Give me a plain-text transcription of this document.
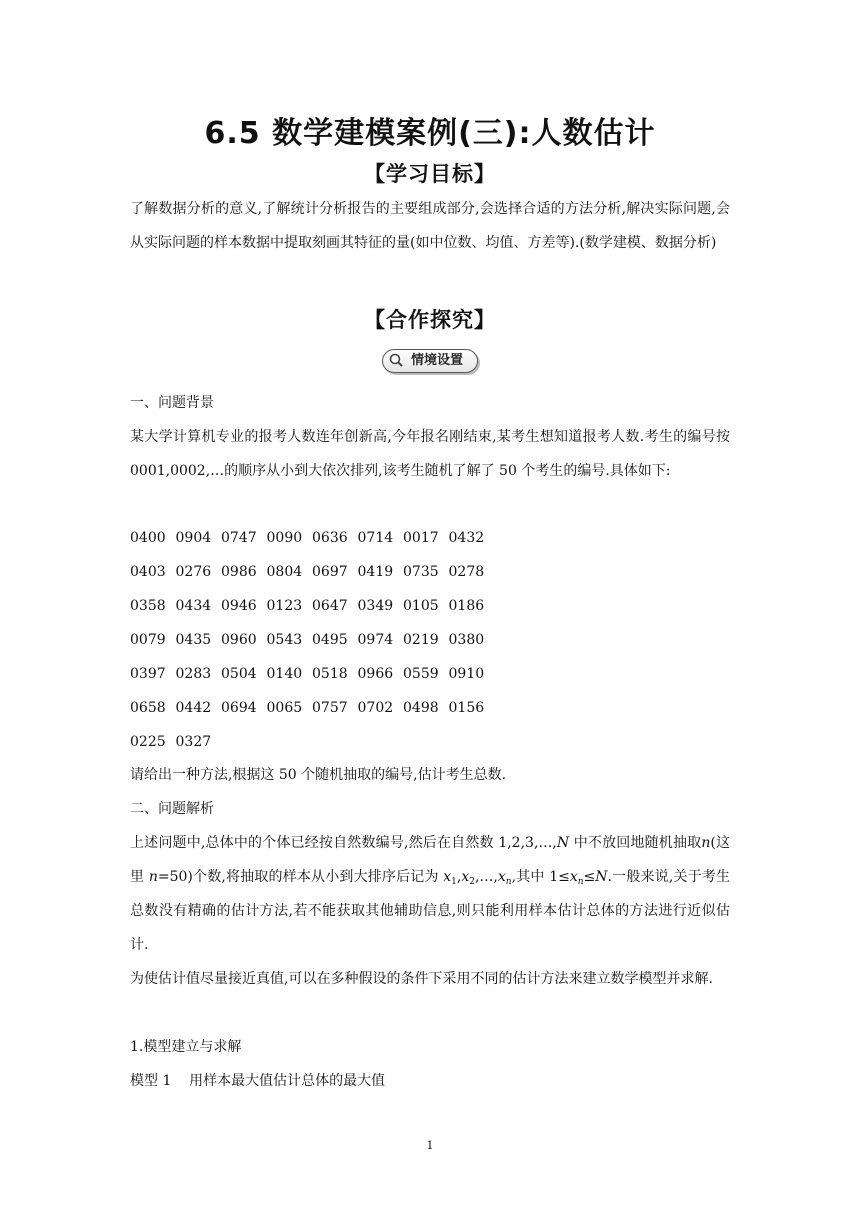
6.5 数学建模案例(三):人数估计
【学习目标】
了解数据分析的意义,了解统计分析报告的主要组成部分,会选择合适的方法分析,解决实际问题,会从实际问题的样本数据中提取刻画其特征的量(如中位数、均值、方差等).(数学建模、数据分析)
【合作探究】
情境设置
一、问题背景
某大学计算机专业的报考人数连年创新高,今年报名刚结束,某考生想知道报考人数.考生的编号按 0001,0002,…的顺序从小到大依次排列,该考生随机了解了 50 个考生的编号.具体如下:
0400 0904 0747 0090 0636 0714 0017 0432
0403 0276 0986 0804 0697 0419 0735 0278
0358 0434 0946 0123 0647 0349 0105 0186
0079 0435 0960 0543 0495 0974 0219 0380
0397 0283 0504 0140 0518 0966 0559 0910
0658 0442 0694 0065 0757 0702 0498 0156
0225 0327
请给出一种方法,根据这 50 个随机抽取的编号,估计考生总数.
二、问题解析
上述问题中,总体中的个体已经按自然数编号,然后在自然数 1,2,3,…,N 中不放回地随机抽取n(这里 n=50)个数,将抽取的样本从小到大排序后记为 $x_1,x_2,\dots,x_n$,其中 $1\le x_n\le N$.一般来说,关于考生总数没有精确的估计方法,若不能获取其他辅助信息,则只能利用样本估计总体的方法进行近似估计.
为使估计值尽量接近真值,可以在多种假设的条件下采用不同的估计方法来建立数学模型并求解.
1.模型建立与求解
模型 1    用样本最大值估计总体的最大值
1
